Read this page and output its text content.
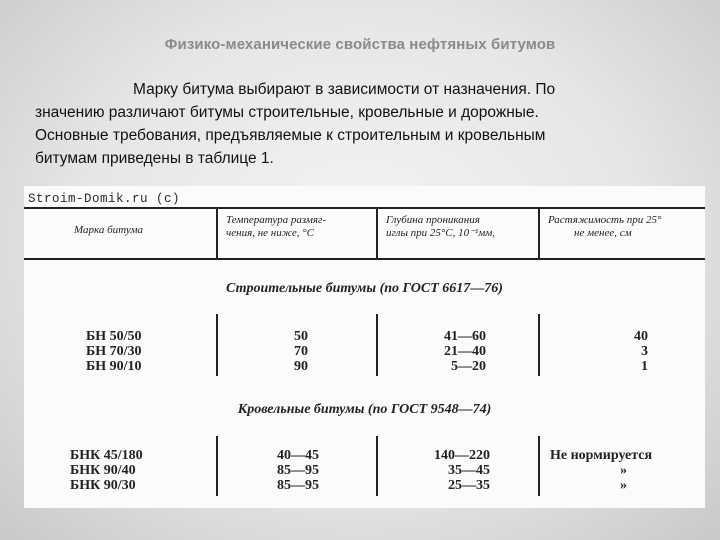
Физико-механические свойства нефтяных битумов
Марку битума выбирают в зависимости от назначения. По
значению различают битумы строительные, кровельные и дорожные.
Основные требования, предъявляемые к строительным и кровельным
битумам приведены в таблице 1.
Stroim-Domik.ru (c)
Марка битума
Температура размяг-
чения, не ниже, °С
Глубина проникания
иглы при 25°С, 10⁻¹мм,
Растяжимость при 25°
не менее, см
Строительные битумы (по ГОСТ 6617—76)
БН 50/50
БН 70/30
БН 90/10
50
70
90
41—60
21—40
5—20
40
3
1
Кровельные битумы (по ГОСТ 9548—74)
БНК 45/180
БНК 90/40
БНК 90/30
40—45
85—95
85—95
140—220
35—45
25—35
Не нормируется
»
»
